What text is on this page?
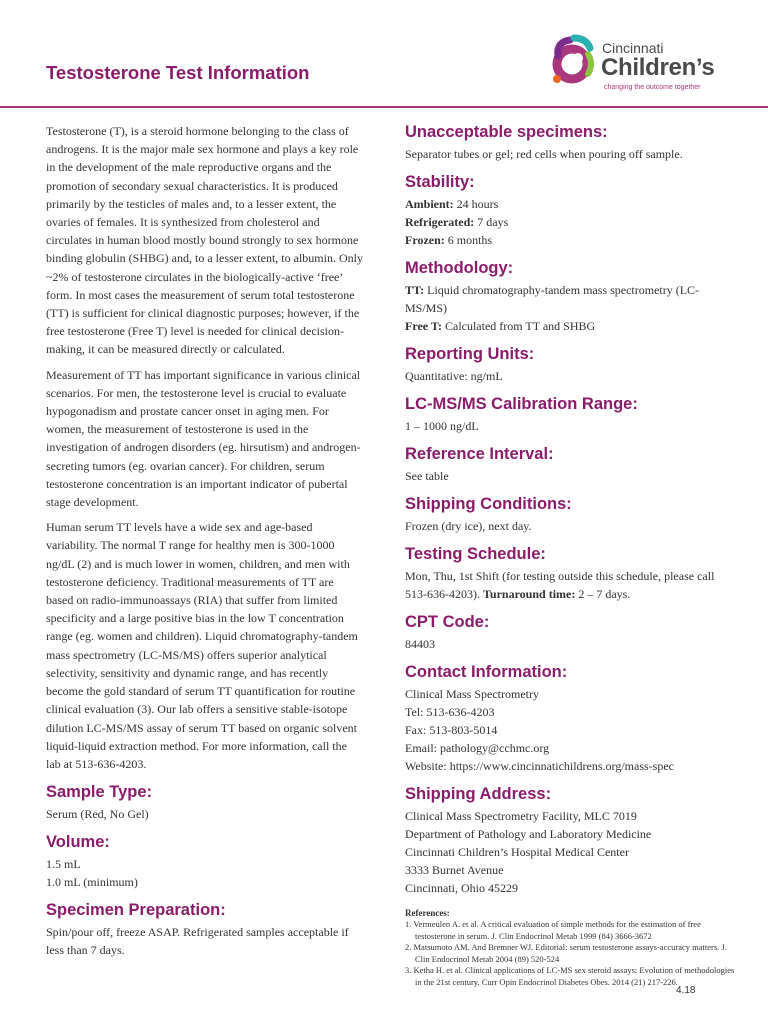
Testosterone Test Information
Cincinnati
Children’s
changing the outcome together

Testosterone (T), is a steroid hormone belonging to the class of androgens. It is the major male sex hormone and plays a key role in the development of the male reproductive organs and the promotion of secondary sexual characteristics. It is produced primarily by the testicles of males and, to a lesser extent, the ovaries of females. It is synthesized from cholesterol and circulates in human blood mostly bound strongly to sex hormone binding globulin (SHBG) and, to a lesser extent, to albumin. Only ~2% of testosterone circulates in the biologically-active ‘free’ form. In most cases the measurement of serum total testosterone (TT) is sufficient for clinical diagnostic purposes; however, if the free testosterone (Free T) level is needed for clinical decision-making, it can be measured directly or calculated.

Measurement of TT has important significance in various clinical scenarios. For men, the testosterone level is crucial to evaluate hypogonadism and prostate cancer onset in aging men. For women, the measurement of testosterone is used in the investigation of androgen disorders (eg. hirsutism) and androgen-secreting tumors (eg. ovarian cancer). For children, serum testosterone concentration is an important indicator of pubertal stage development.

Human serum TT levels have a wide sex and age-based variability. The normal T range for healthy men is 300-1000 ng/dL (2) and is much lower in women, children, and men with testosterone deficiency. Traditional measurements of TT are based on radio-immunoassays (RIA) that suffer from limited specificity and a large positive bias in the low T concentration range (eg. women and children). Liquid chromatography-tandem mass spectrometry (LC-MS/MS) offers superior analytical selectivity, sensitivity and dynamic range, and has recently become the gold standard of serum TT quantification for routine clinical evaluation (3). Our lab offers a sensitive stable-isotope dilution LC-MS/MS assay of serum TT based on organic solvent liquid-liquid extraction method. For more information, call the lab at 513-636-4203.

Sample Type:

Serum (Red, No Gel)

Volume:

1.5 mL

1.0 mL (minimum)

Specimen Preparation:

Spin/pour off, freeze ASAP. Refrigerated samples acceptable if less than 7 days.

Unacceptable specimens:

Separator tubes or gel; red cells when pouring off sample.

Stability:

Ambient: 24 hours

Refrigerated: 7 days

Frozen: 6 months

Methodology:

TT: Liquid chromatography-tandem mass spectrometry (LC-MS/MS)

Free T: Calculated from TT and SHBG

Reporting Units:

Quantitative: ng/mL

LC-MS/MS Calibration Range:

1 – 1000 ng/dL

Reference Interval:

See table

Shipping Conditions:

Frozen (dry ice), next day.

Testing Schedule:

Mon, Thu, 1st Shift (for testing outside this schedule, please call 513-636-4203). Turnaround time: 2 – 7 days.

CPT Code:

84403

Contact Information:

Clinical Mass Spectrometry

Tel: 513-636-4203

Fax: 513-803-5014

Email: pathology@cchmc.org

Website: https://www.cincinnatichildrens.org/mass-spec

Shipping Address:

Clinical Mass Spectrometry Facility, MLC 7019

Department of Pathology and Laboratory Medicine

Cincinnati Children’s Hospital Medical Center

3333 Burnet Avenue

Cincinnati, Ohio 45229

References:
1. Vermeulen A. et al. A critical evaluation of simple methods for the estimation of free testosterone in serum. J. Clin Endocrinol Metab 1999 (84) 3666-3672
2. Matsumoto AM. And Bremner WJ. Editorial: serum testosterone assays-accuracy matters. J. Clin Endocrinol Metab 2004 (89) 520-524
3. Ketha H. et al. Clinical applications of LC-MS sex steroid assays: Evolution of methodologies in the 21st century. Curr Opin Endocrinol Diabetes Obes. 2014 (21) 217-226.
4.18
